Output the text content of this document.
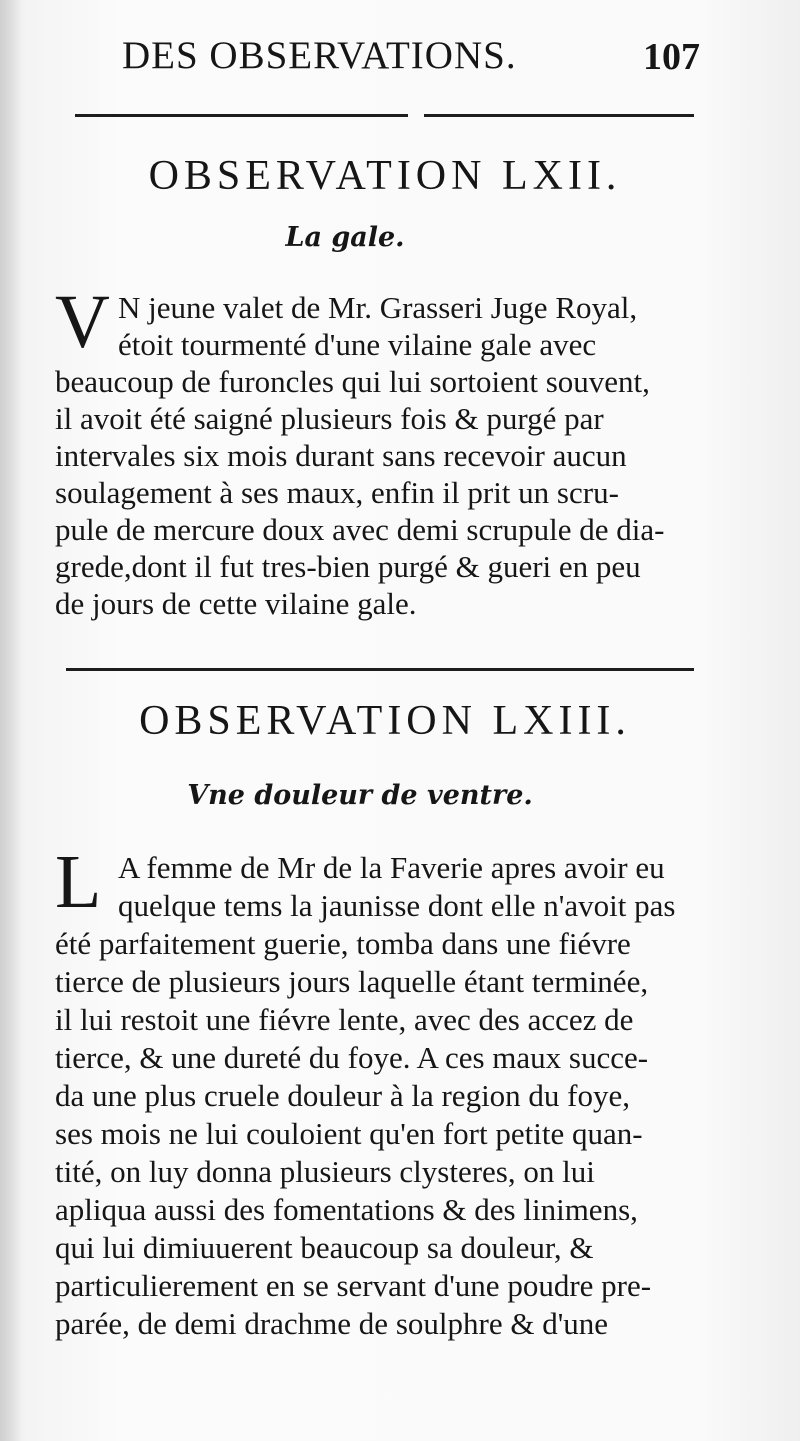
DES OBSERVATIONS.	107
OBSERVATION LXII.
La gale.
V N jeune valet de Mr. Grasseri Juge Royal,
étoit tourmenté d'une vilaine gale avec
beaucoup de furoncles qui lui sortoient souvent,
il avoit été saigné plusieurs fois & purgé par
intervales six mois durant sans recevoir aucun
soulagement à ses maux, enfin il prit un scru-
pule de mercure doux avec demi scrupule de dia-
grede,dont il fut tres-bien purgé & gueri en peu
de jours de cette vilaine gale.
OBSERVATION LXIII.
Vne douleur de ventre.
L A femme de Mr de la Faverie apres avoir eu
quelque tems la jaunisse dont elle n'avoit pas
été parfaitement guerie, tomba dans une fiévre
tierce de plusieurs jours laquelle étant terminée,
il lui restoit une fiévre lente, avec des accez de
tierce, & une dureté du foye. A ces maux succe-
da une plus cruele douleur à la region du foye,
ses mois ne lui couloient qu'en fort petite quan-
tité, on luy donna plusieurs clysteres, on lui
apliqua aussi des fomentations & des linimens,
qui lui dimiuuerent beaucoup sa douleur, &
particulierement en se servant d'une poudre pre-
parée, de demi drachme de soulphre & d'une
